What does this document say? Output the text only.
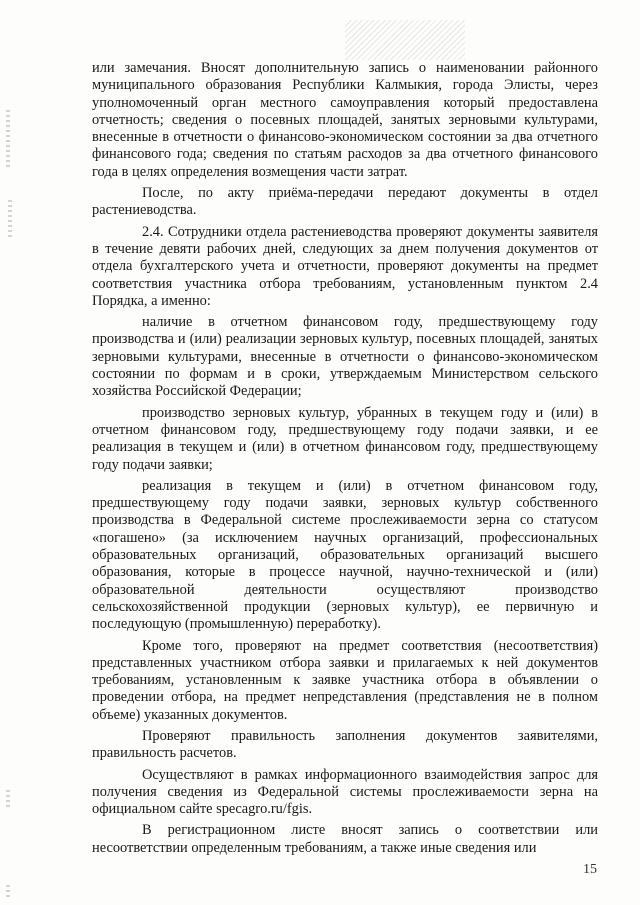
или замечания. Вносят дополнительную запись о наименовании районного муниципального образования Республики Калмыкия, города Элисты, через уполномоченный орган местного самоуправления который предоставлена отчетность; сведения о посевных площадей, занятых зерновыми культурами, внесенные в отчетности о финансово-экономическом состоянии за два отчетного финансового года; сведения по статьям расходов за два отчетного финансового года в целях определения возмещения части затрат.

После, по акту приёма-передачи передают документы в отдел растениеводства.

2.4. Сотрудники отдела растениеводства проверяют документы заявителя в течение девяти рабочих дней, следующих за днем получения документов от отдела бухгалтерского учета и отчетности, проверяют документы на предмет соответствия участника отбора требованиям, установленным пунктом 2.4 Порядка, а именно:

наличие в отчетном финансовом году, предшествующему году производства и (или) реализации зерновых культур, посевных площадей, занятых зерновыми культурами, внесенные в отчетности о финансово-экономическом состоянии по формам и в сроки, утверждаемым Министерством сельского хозяйства Российской Федерации;

производство зерновых культур, убранных в текущем году и (или) в отчетном финансовом году, предшествующему году подачи заявки, и ее реализация в текущем и (или) в отчетном финансовом году, предшествующему году подачи заявки;

реализация в текущем и (или) в отчетном финансовом году, предшествующему году подачи заявки, зерновых культур собственного производства в Федеральной системе прослеживаемости зерна со статусом «погашено» (за исключением научных организаций, профессиональных образовательных организаций, образовательных организаций высшего образования, которые в процессе научной, научно-технической и (или) образовательной деятельности осуществляют производство сельскохозяйственной продукции (зерновых культур), ее первичную и последующую (промышленную) переработку).

Кроме того, проверяют на предмет соответствия (несоответствия) представленных участником отбора заявки и прилагаемых к ней документов требованиям, установленным к заявке участника отбора в объявлении о проведении отбора, на предмет непредставления (представления не в полном объеме) указанных документов.

Проверяют правильность заполнения документов заявителями, правильность расчетов.

Осуществляют в рамках информационного взаимодействия запрос для получения сведения из Федеральной системы прослеживаемости зерна на официальном сайте specagro.ru/fgis.

В регистрационном листе вносят запись о соответствии или несоответствии определенным требованиям, а также иные сведения или

15
